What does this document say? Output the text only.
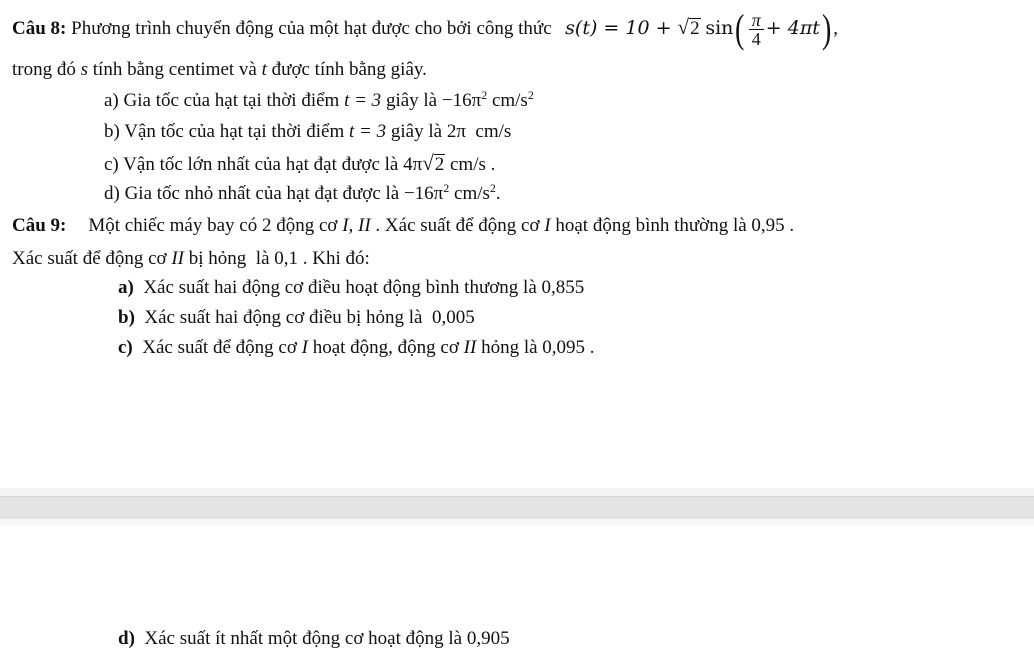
Câu 8: Phương trình chuyển động của một hạt được cho bởi công thức s(t) = 10 + √2 $\sin( \frac{\pi}{4} + 4\pi t)$ ,
trong đó s tính bằng centimet và t được tính bằng giây.
a) Gia tốc của hạt tại thời điểm t = 3 giây là $-16\pi^2$ $cm/s^2$
b) Vận tốc của hạt tại thời điểm t = 3 giây là 2π  cm/s
c) Vận tốc lớn nhất của hạt đạt được là 4π√2 cm/s .
d) Gia tốc nhỏ nhất của hạt đạt được là $-16\pi^2$ $cm/s^2$.
Câu 9: Một chiếc máy bay có 2 động cơ I, II . Xác suất để động cơ I hoạt động bình thường là 0,95 .
Xác suất để động cơ II bị hỏng  là 0,1 . Khi đó:
a) Xác suất hai động cơ điều hoạt động bình thương là 0,855
b) Xác suất hai động cơ điều bị hỏng là  0,005
c) Xác suất để động cơ I hoạt động, động cơ II hỏng là 0,095 .
d) Xác suất ít nhất một động cơ hoạt động là 0,905
